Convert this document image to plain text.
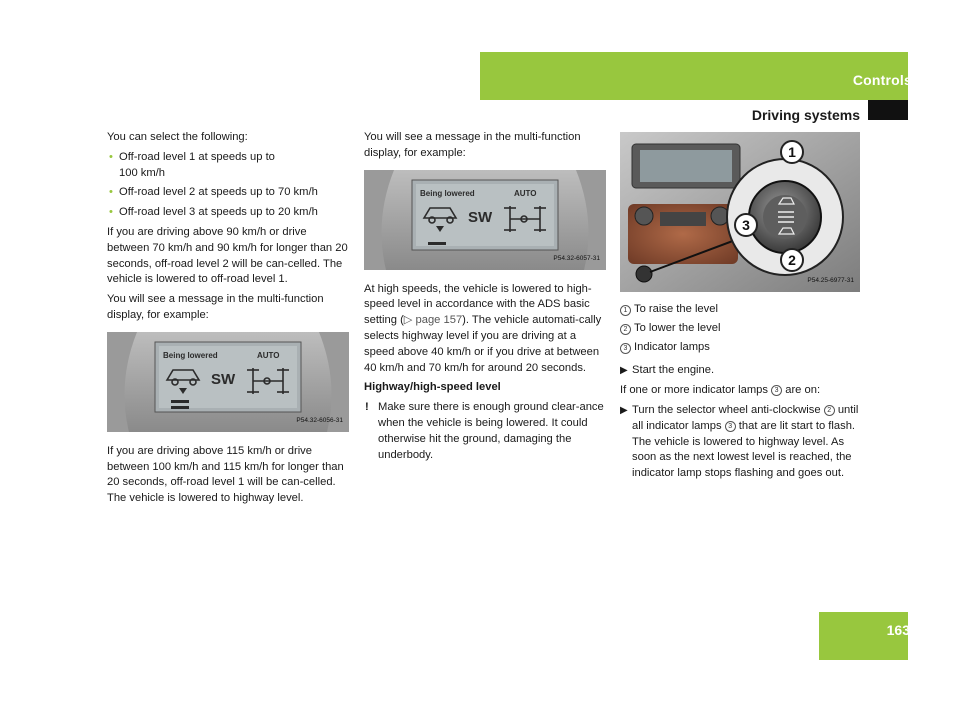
Controls
Driving systems
163

You can select the following:

• Off-road level 1 at speeds up to
100 km/h
• Off-road level 2 at speeds up to 70 km/h
• Off-road level 3 at speeds up to 20 km/h

If you are driving above 90 km/h or drive between 70 km/h and 90 km/h for longer than 20 seconds, off-road level 2 will be can-celled. The vehicle is lowered to off-road level 1.

You will see a message in the multi-function display, for example:

Being lowered	AUTO
SW
P54.32-6056-31

If you are driving above 115 km/h or drive between 100 km/h and 115 km/h for longer than 20 seconds, off-road level 1 will be can-celled. The vehicle is lowered to highway level.

You will see a message in the multi-function display, for example:

Being lowered	AUTO
SW
P54.32-6057-31

At high speeds, the vehicle is lowered to high-speed level in accordance with the ADS basic setting (▷ page 157). The vehicle automati-cally selects highway level if you are driving at a speed above 40 km/h or if you drive at between 40 km/h and 70 km/h for around 20 seconds.

Highway/high-speed level

! Make sure there is enough ground clear-ance when the vehicle is being lowered. It could otherwise hit the ground, damaging the underbody.
1
3
2
P54.25-6977-31
1 To raise the level
2 To lower the level
3 Indicator lamps
▶ Start the engine.

If one or more indicator lamps 3 are on:

▶ Turn the selector wheel anti-clockwise 2 until all indicator lamps 3 that are lit start to flash.
The vehicle is lowered to highway level. As soon as the next lowest level is reached, the indicator lamp stops flashing and goes out.
